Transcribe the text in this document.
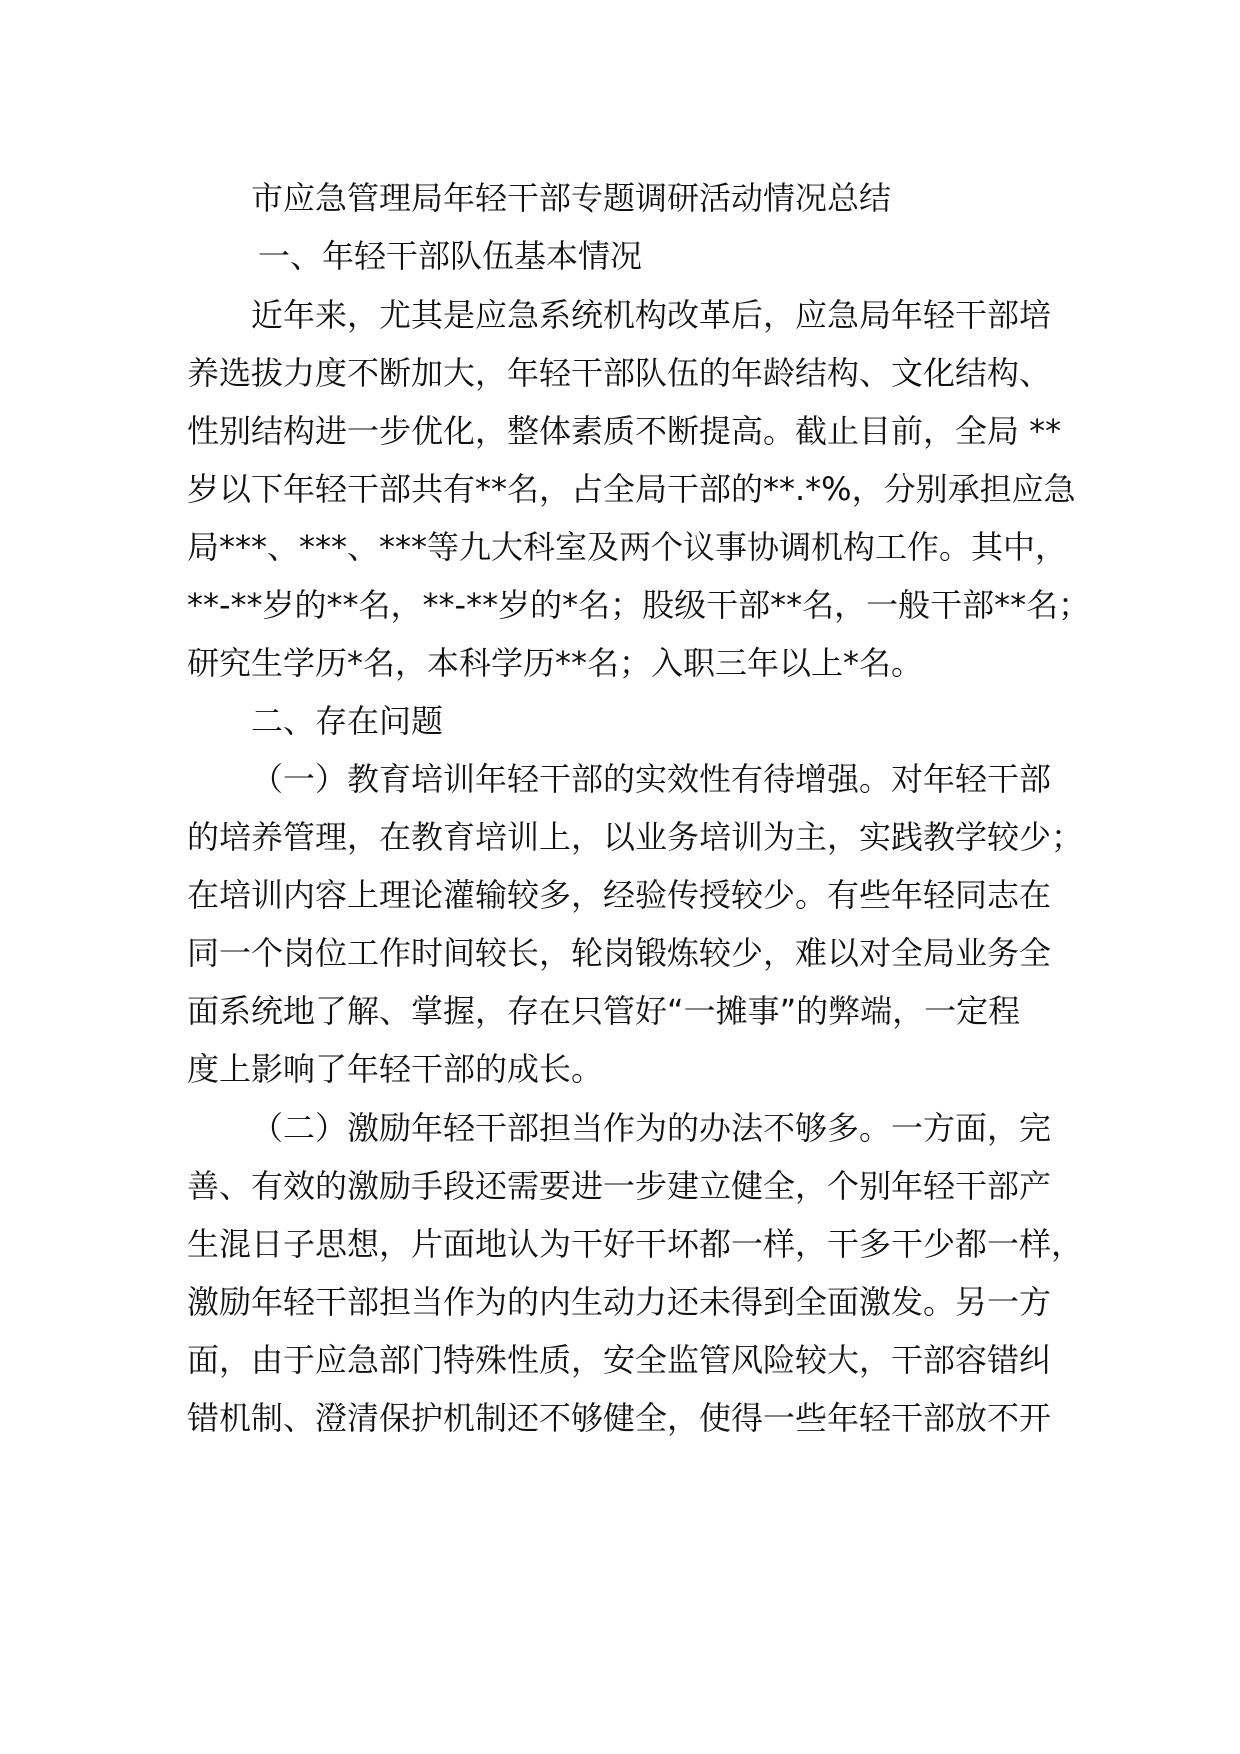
市应急管理局年轻干部专题调研活动情况总结
一、年轻干部队伍基本情况
近年来，尤其是应急系统机构改革后，应急局年轻干部培
养选拔力度不断加大，年轻干部队伍的年龄结构、文化结构、
性别结构进一步优化，整体素质不断提高。截止目前，全局 **
岁以下年轻干部共有**名，占全局干部的**.*%，分别承担应急
局***、***、***等九大科室及两个议事协调机构工作。其中，
**-**岁的**名，**-**岁的*名；股级干部**名，一般干部**名；
研究生学历*名，本科学历**名；入职三年以上*名。
二、存在问题
（一）教育培训年轻干部的实效性有待增强。对年轻干部
的培养管理，在教育培训上，以业务培训为主，实践教学较少；
在培训内容上理论灌输较多，经验传授较少。有些年轻同志在
同一个岗位工作时间较长，轮岗锻炼较少，难以对全局业务全
面系统地了解、掌握，存在只管好“一摊事”的弊端，一定程
度上影响了年轻干部的成长。
（二）激励年轻干部担当作为的办法不够多。一方面，完
善、有效的激励手段还需要进一步建立健全，个别年轻干部产
生混日子思想，片面地认为干好干坏都一样，干多干少都一样，
激励年轻干部担当作为的内生动力还未得到全面激发。另一方
面，由于应急部门特殊性质，安全监管风险较大，干部容错纠
错机制、澄清保护机制还不够健全，使得一些年轻干部放不开
